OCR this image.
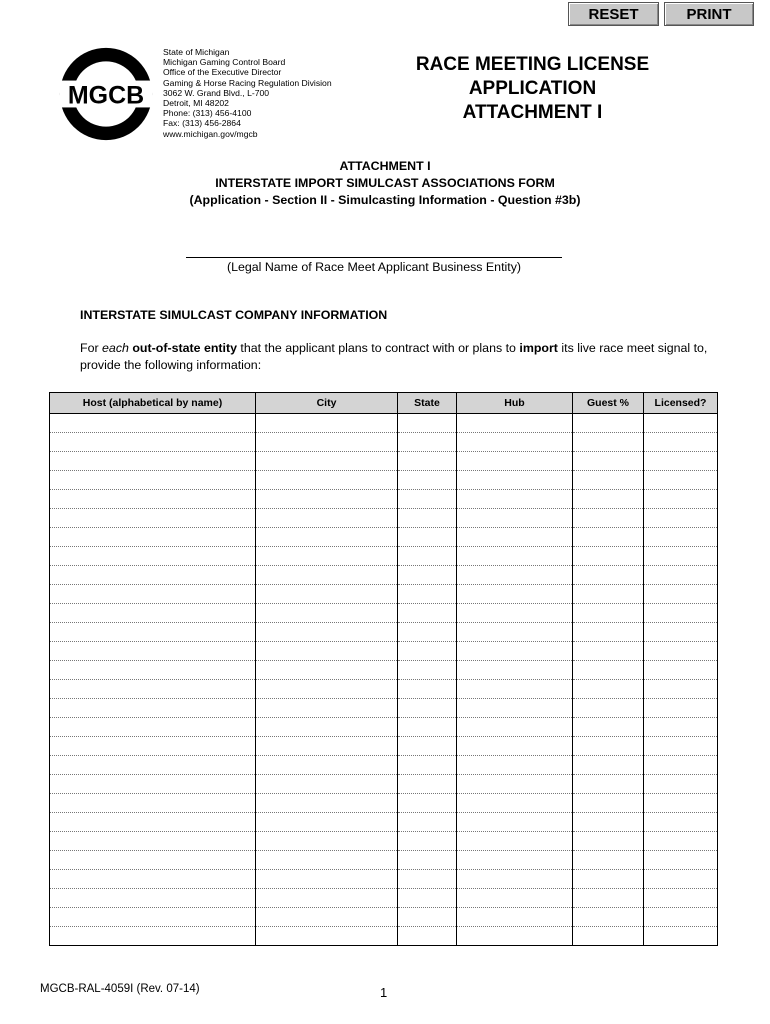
RESET	PRINT
MGCB
State of Michigan
Michigan Gaming Control Board
Office of the Executive Director
Gaming & Horse Racing Regulation Division
3062 W. Grand Blvd., L-700
Detroit, MI 48202
Phone: (313) 456-4100
Fax: (313) 456-2864
www.michigan.gov/mgcb
RACE MEETING LICENSE
APPLICATION
ATTACHMENT I
ATTACHMENT I
INTERSTATE IMPORT SIMULCAST ASSOCIATIONS FORM
(Application - Section II - Simulcasting Information - Question #3b)
(Legal Name of Race Meet Applicant Business Entity)
INTERSTATE SIMULCAST COMPANY INFORMATION
For each out-of-state entity that the applicant plans to contract with or plans to import its live race meet signal to, provide the following information:
Host (alphabetical by name)	City	State	Hub	Guest %	Licensed?

MGCB-RAL-4059I (Rev. 07-14)	1
